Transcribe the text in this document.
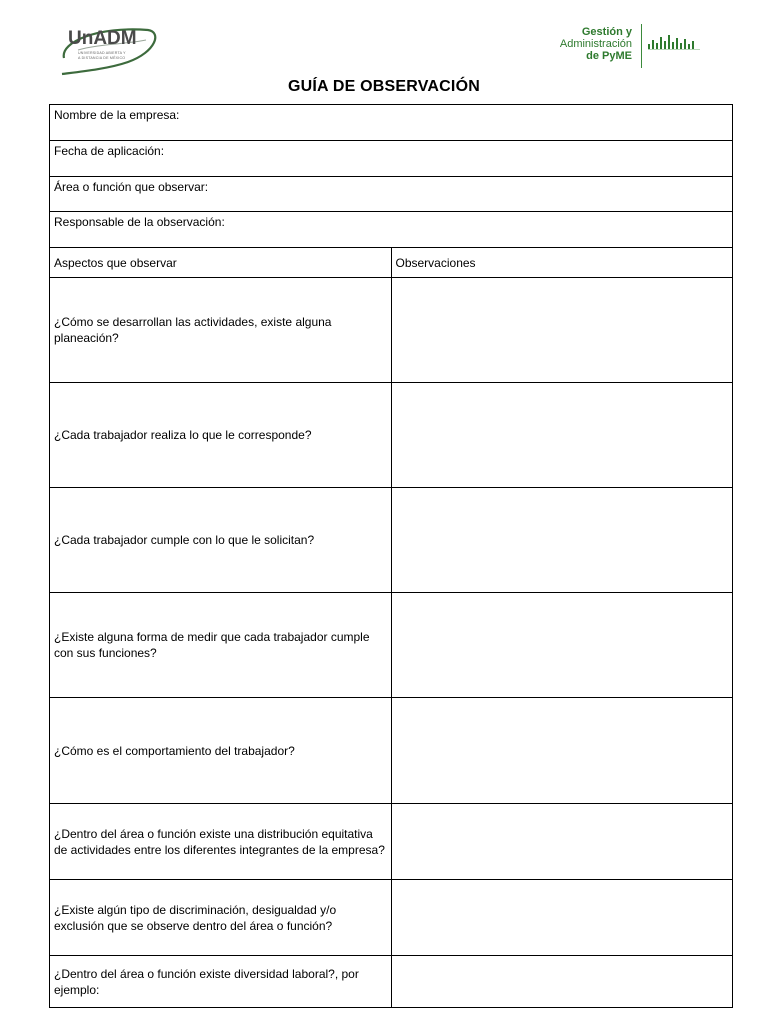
UnADM
UNIVERSIDAD ABIERTA Y
A DISTANCIA DE MÉXICO
Gestión y
Administración
de PyME
GUÍA DE OBSERVACIÓN
Nombre de la empresa:	
Fecha de aplicación:	
Área o función que observar:	
Responsable de la observación:	
Aspectos que observar	Observaciones
¿Cómo se desarrollan las actividades, existe alguna planeación?	
¿Cada trabajador realiza lo que le corresponde?	
¿Cada trabajador cumple con lo que le solicitan?	
¿Existe alguna forma de medir que cada trabajador cumple con sus funciones?	
¿Cómo es el comportamiento del trabajador?	
¿Dentro del área o función existe una distribución equitativa de actividades entre los diferentes integrantes de la empresa?	
¿Existe algún tipo de discriminación, desigualdad y/o exclusión que se observe dentro del área o función?	
¿Dentro del área o función existe diversidad laboral?, por ejemplo:	
